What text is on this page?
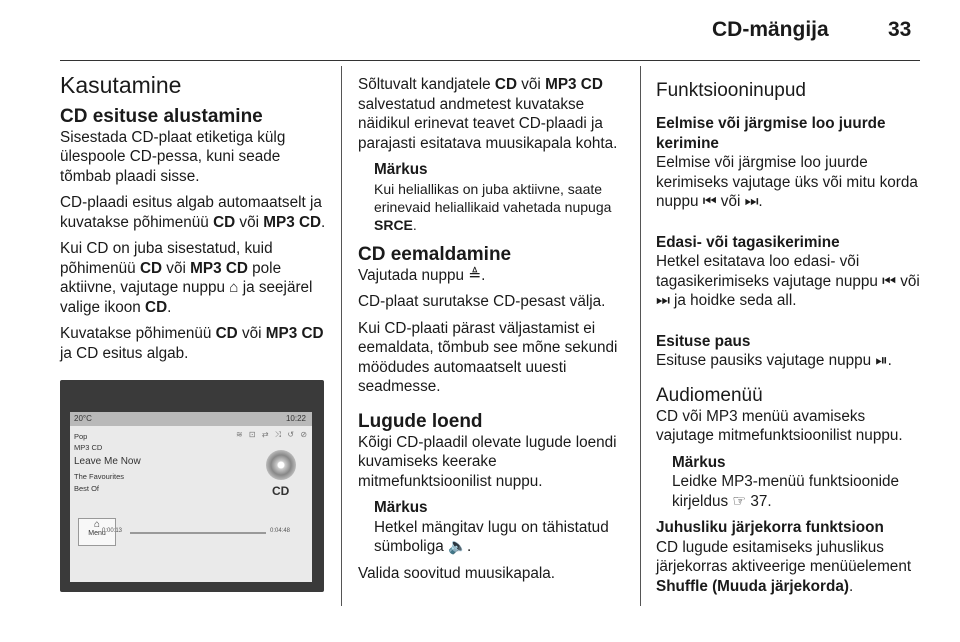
CD-mängija	33
Kasutamine
CD esituse alustamine

Sisestada CD-plaat etiketiga külg ülespoole CD-pessa, kuni seade tõmbab plaadi sisse.

CD-plaadi esitus algab automaatselt ja kuvatakse põhimenüü CD või MP3 CD.

Kui CD on juba sisestatud, kuid põhimenüü CD või MP3 CD pole aktiivne, vajutage nuppu ⌂ ja seejärel valige ikoon CD.

Kuvatakse põhimenüü CD või MP3 CD ja CD esitus algab.

20°C	10:22
≋ ⊡ ⇄ ⤨ ↺ ⊘
Pop
MP3 CD
Leave Me Now
The Favourites
Best Of	CD
⌂
Menu
0:00:13	0:04:48

Sõltuvalt kandjatele CD või MP3 CD salvestatud andmetest kuvatakse näidikul erinevat teavet CD-plaadi ja parajasti esitatava muusikapala kohta.

Märkus
Kui heliallikas on juba aktiivne, saate erinevaid heliallikaid vahetada nupuga SRCE.
CD eemaldamine

Vajutada nuppu ≜.

CD-plaat surutakse CD-pesast välja.

Kui CD-plaati pärast väljastamist ei eemaldata, tõmbub see mõne sekundi möödudes automaatselt uuesti seadmesse.

Lugude loend

Kõigi CD-plaadil olevate lugude loendi kuvamiseks keerake mitmefunktsioonilist nuppu.

Märkus
Hetkel mängitav lugu on tähistatud sümboliga 🔈.

Valida soovitud muusikapala.

Funktsiooninupud
Eelmise või järgmise loo juurde kerimine

Eelmise või järgmise loo juurde kerimiseks vajutage üks või mitu korda nuppu ⏮ või ⏭.

Edasi- või tagasikerimine

Hetkel esitatava loo edasi- või tagasikerimiseks vajutage nuppu ⏮ või ⏭ ja hoidke seda all.

Esituse paus

Esituse pausiks vajutage nuppu ⏯.

Audiomenüü

CD või MP3 menüü avamiseks vajutage mitmefunktsioonilist nuppu.

Märkus
Leidke MP3-menüü funktsioonide kirjeldus ☞ 37.
Juhusliku järjekorra funktsioon

CD lugude esitamiseks juhuslikus järjekorras aktiveerige menüüelement Shuffle (Muuda järjekorda).
